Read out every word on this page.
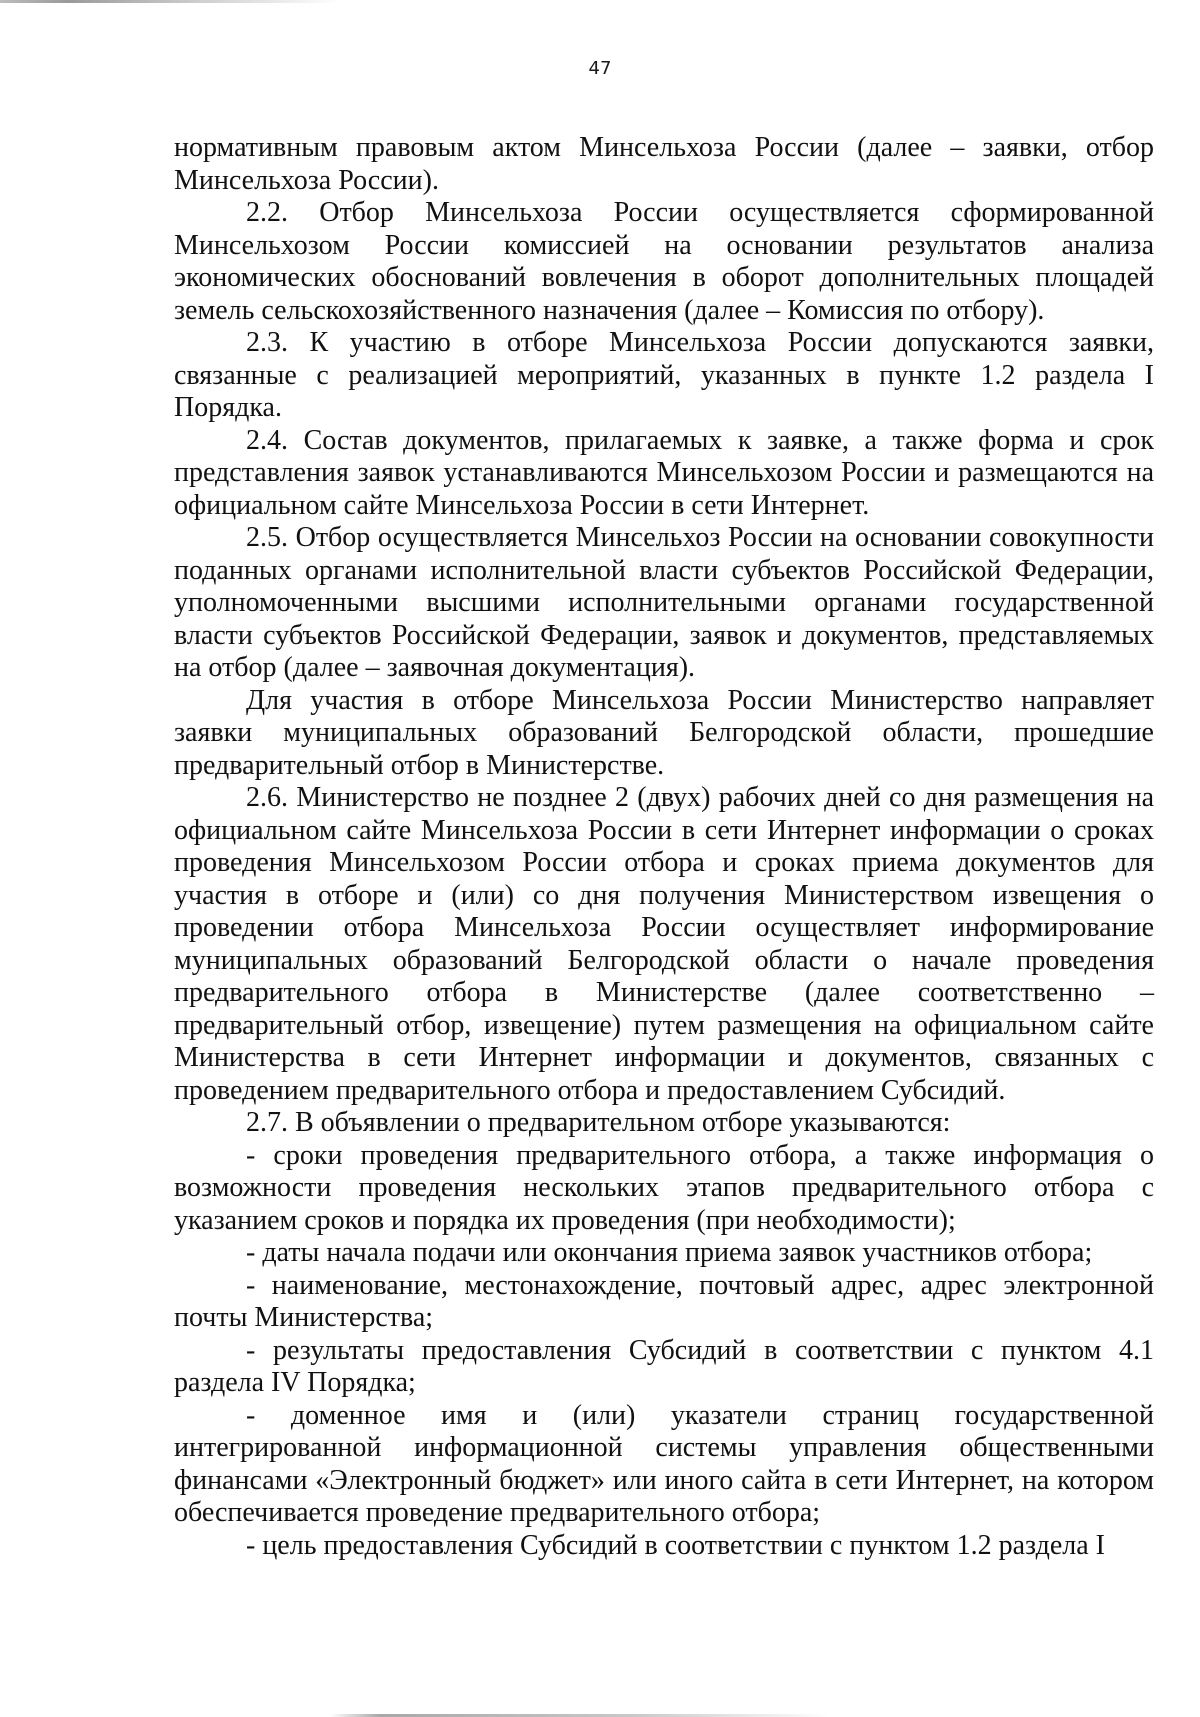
47

нормативным правовым актом Минсельхоза России (далее – заявки, отбор Минсельхоза России).

2.2. Отбор Минсельхоза России осуществляется сформированной Минсельхозом России комиссией на основании результатов анализа экономических обоснований вовлечения в оборот дополнительных площадей земель сельскохозяйственного назначения (далее – Комиссия по отбору).

2.3. К участию в отборе Минсельхоза России допускаются заявки, связанные с реализацией мероприятий, указанных в пункте 1.2 раздела I Порядка.

2.4. Состав документов, прилагаемых к заявке, а также форма и срок представления заявок устанавливаются Минсельхозом России и размещаются на официальном сайте Минсельхоза России в сети Интернет.

2.5. Отбор осуществляется Минсельхоз России на основании совокупности поданных органами исполнительной власти субъектов Российской Федерации, уполномоченными высшими исполнительными органами государственной власти субъектов Российской Федерации, заявок и документов, представляемых на отбор (далее – заявочная документация).

Для участия в отборе Минсельхоза России Министерство направляет заявки муниципальных образований Белгородской области, прошедшие предварительный отбор в Министерстве.

2.6. Министерство не позднее 2 (двух) рабочих дней со дня размещения на официальном сайте Минсельхоза России в сети Интернет информации о сроках проведения Минсельхозом России отбора и сроках приема документов для участия в отборе и (или) со дня получения Министерством извещения о проведении отбора Минсельхоза России осуществляет информирование муниципальных образований Белгородской области о начале проведения предварительного отбора в Министерстве (далее соответственно – предварительный отбор, извещение) путем размещения на официальном сайте Министерства в сети Интернет информации и документов, связанных с проведением предварительного отбора и предоставлением Субсидий.

2.7. В объявлении о предварительном отборе указываются:

- сроки проведения предварительного отбора, а также информация о возможности проведения нескольких этапов предварительного отбора с указанием сроков и порядка их проведения (при необходимости);

- даты начала подачи или окончания приема заявок участников отбора;

- наименование, местонахождение, почтовый адрес, адрес электронной почты Министерства;

- результаты предоставления Субсидий в соответствии с пунктом 4.1 раздела IV Порядка;

- доменное имя и (или) указатели страниц государственной интегрированной информационной системы управления общественными финансами «Электронный бюджет» или иного сайта в сети Интернет, на котором обеспечивается проведение предварительного отбора;

- цель предоставления Субсидий в соответствии с пунктом 1.2 раздела I
